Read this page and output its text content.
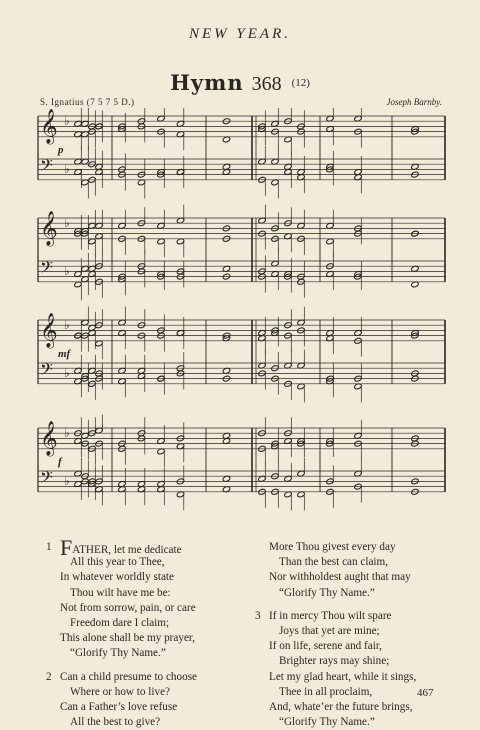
NEW YEAR.
Hymn 368 $^{(12)}$
S. Ignatius (7 5 7 5 D.)	Joseph Barnby.
𝄞
𝄢
♭
♭
p
𝄞
𝄢
♭
♭
𝄞
𝄢
♭
♭
mf
𝄞
𝄢
♭
♭
f
1 FATHER, let me dedicate
All this year to Thee,
In whatever worldly state
Thou wilt have me be:
Not from sorrow, pain, or care
Freedom dare I claim;
This alone shall be my prayer,
“Glorify Thy Name.”
2 Can a child presume to choose
Where or how to live?
Can a Father’s love refuse
All the best to give?
More Thou givest every day
Than the best can claim,
Nor withholdest aught that may
“Glorify Thy Name.”
3 If in mercy Thou wilt spare
Joys that yet are mine;
If on life, serene and fair,
Brighter rays may shine;
Let my glad heart, while it sings,
Thee in all proclaim,
And, whate’er the future brings,
“Glorify Thy Name.”
467
